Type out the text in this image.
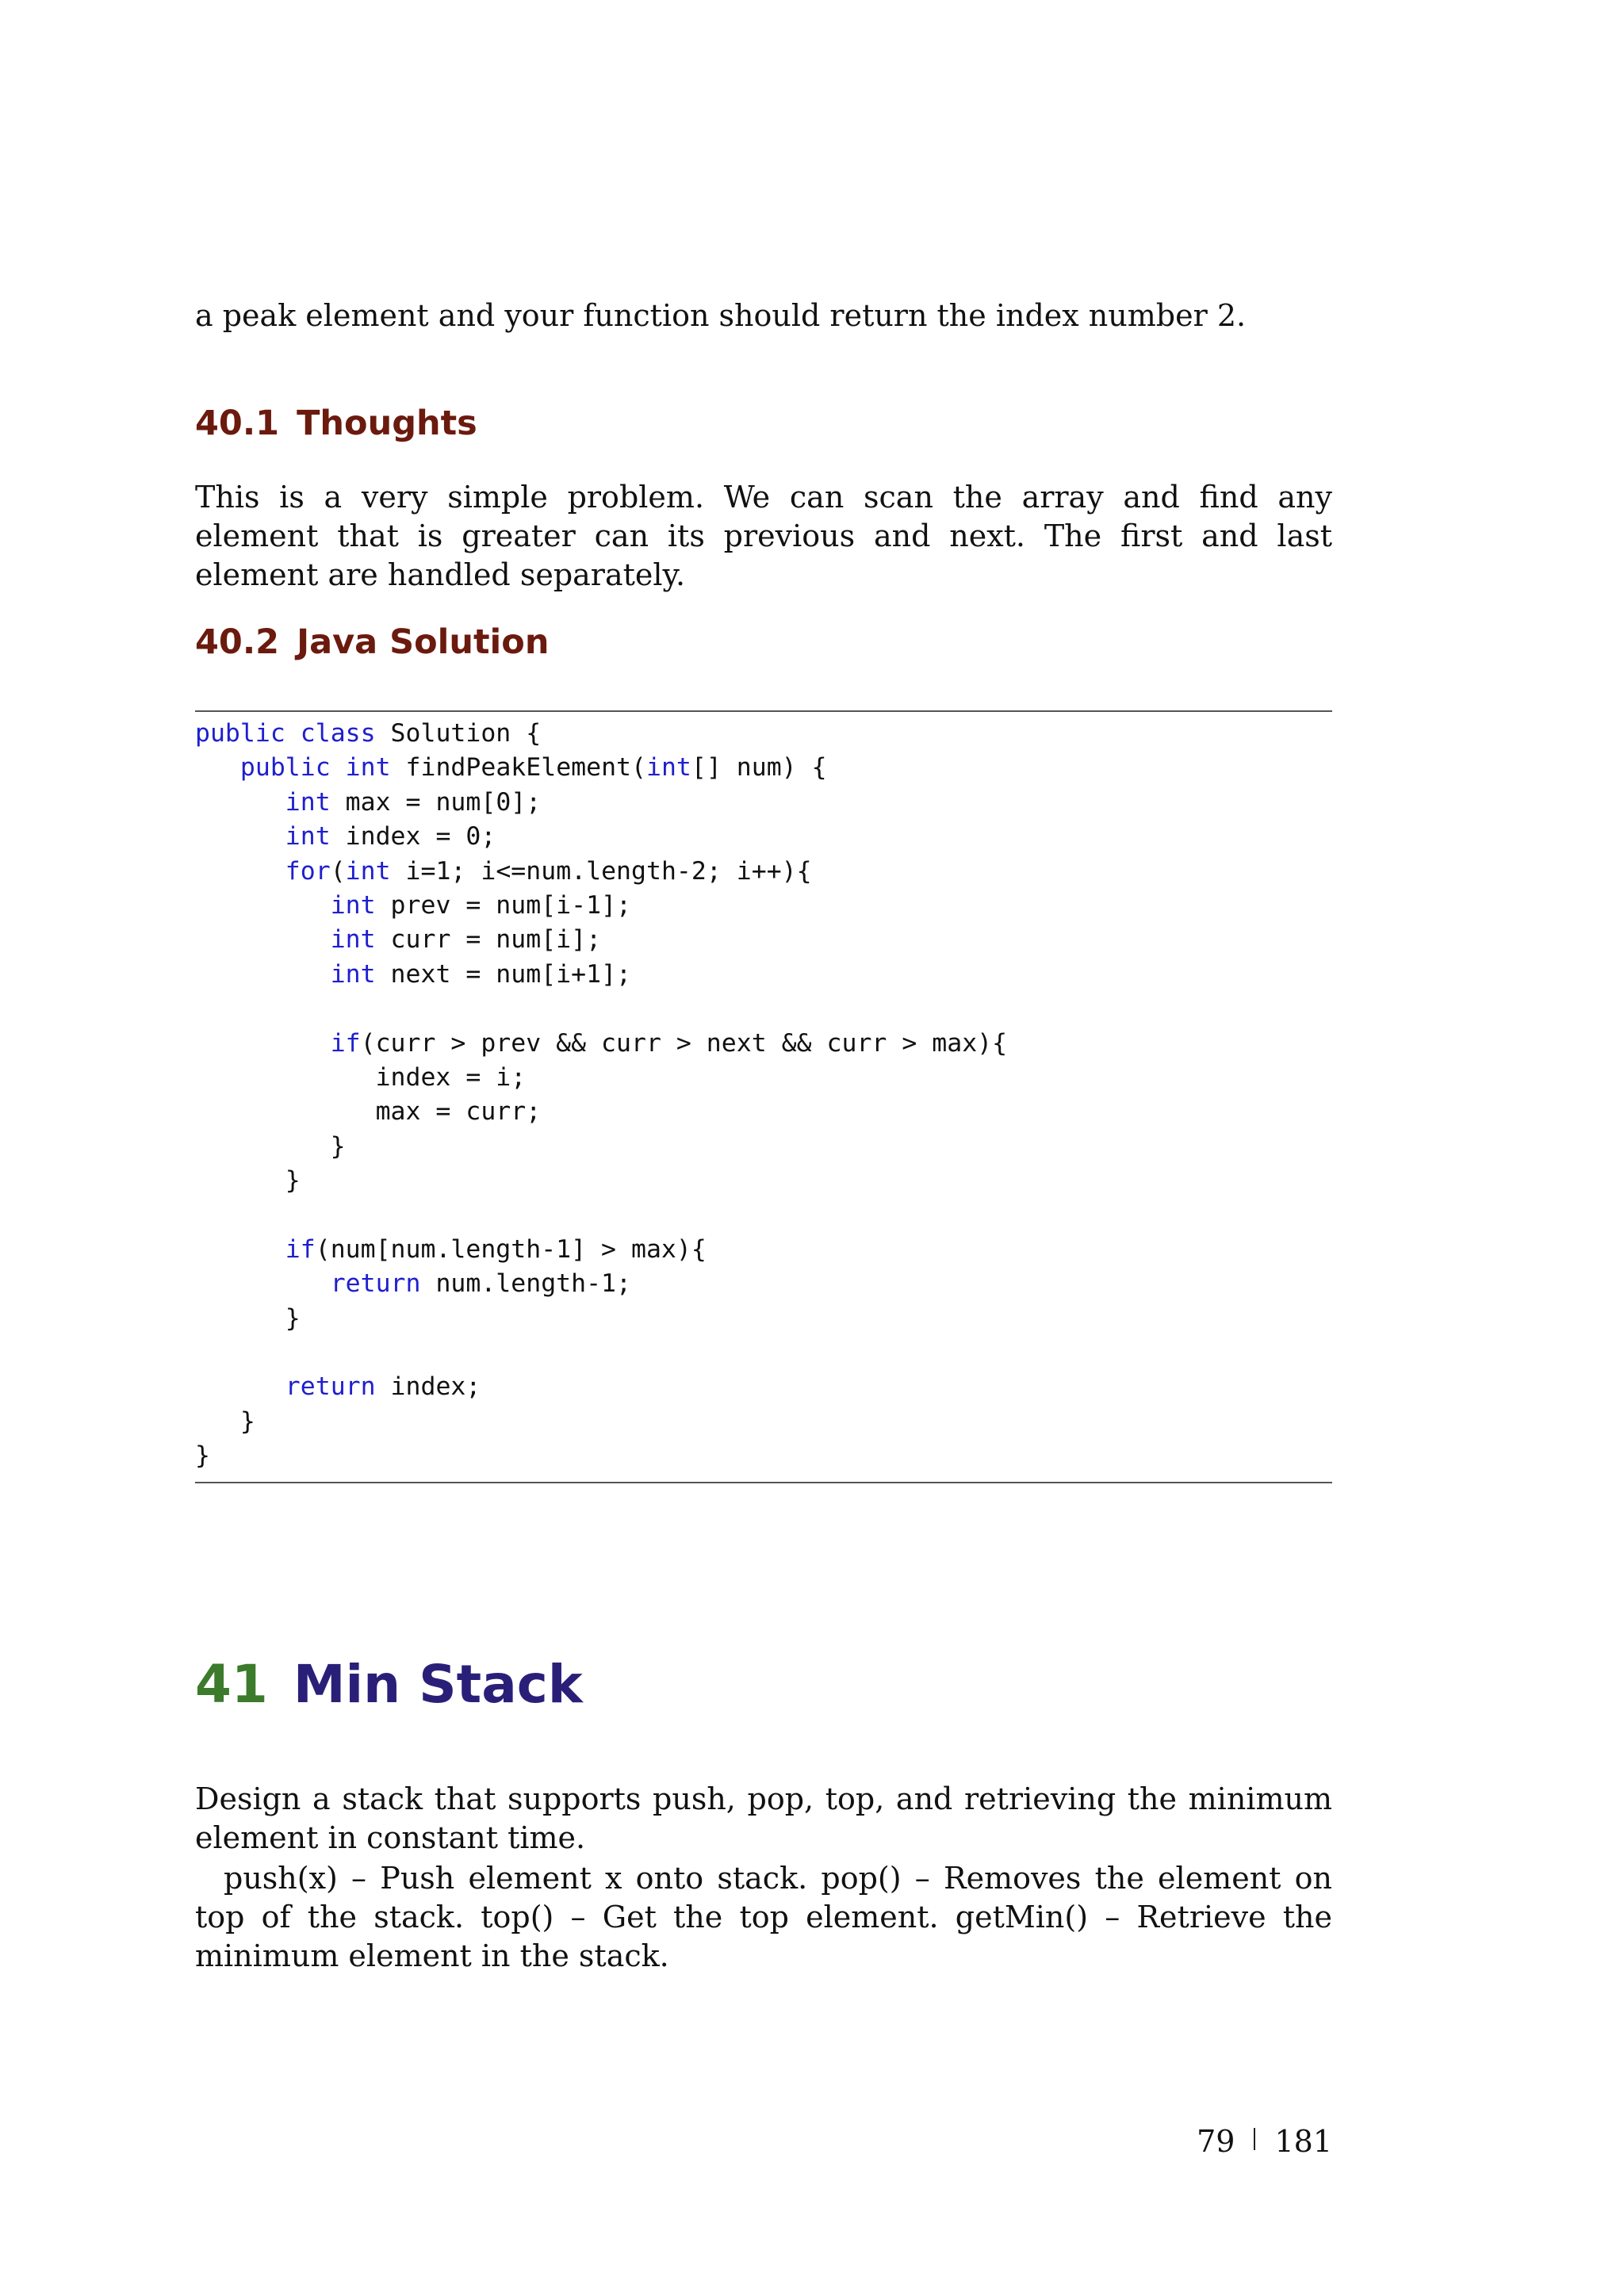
a peak element and your function should return the index number 2.

40.1 Thoughts

This is a very simple problem. We can scan the array and find any element that is greater can its previous and next. The first and last element are handled separately.

40.2 Java Solution
public class Solution {
public int findPeakElement(int[] num) {
int max = num[0];
int index = 0;
for(int i=1; i<=num.length-2; i++){
int prev = num[i-1];
int curr = num[i];
int next = num[i+1];
if(curr > prev && curr > next && curr > max){
index = i;
max = curr;
}
}
if(num[num.length-1] > max){
return num.length-1;
}
return index;
}
}
41 Min Stack

Design a stack that supports push, pop, top, and retrieving the minimum element in constant time.

push(x) – Push element x onto stack. pop() – Removes the element on top of the stack. top() – Get the top element. getMin() – Retrieve the minimum element in the stack.

79 181
